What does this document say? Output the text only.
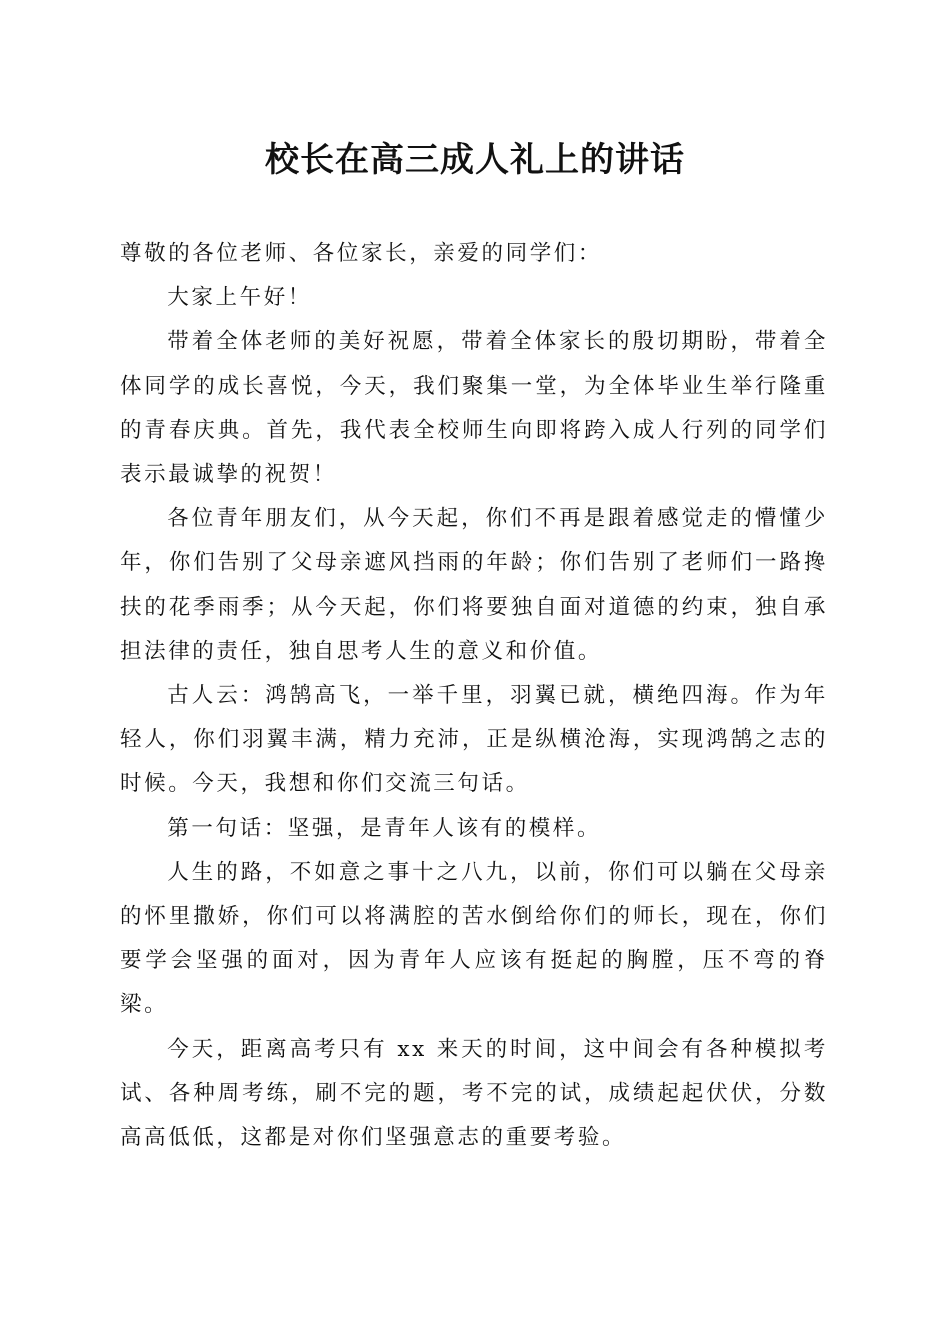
校长在高三成人礼上的讲话

尊敬的各位老师、各位家长，亲爱的同学们：

大家上午好！

带着全体老师的美好祝愿，带着全体家长的殷切期盼，带着全体同学的成长喜悦，今天，我们聚集一堂，为全体毕业生举行隆重的青春庆典。首先，我代表全校师生向即将跨入成人行列的同学们表示最诚挚的祝贺！

各位青年朋友们，从今天起，你们不再是跟着感觉走的懵懂少年，你们告别了父母亲遮风挡雨的年龄；你们告别了老师们一路搀扶的花季雨季；从今天起，你们将要独自面对道德的约束，独自承担法律的责任，独自思考人生的意义和价值。

古人云：鸿鹄高飞，一举千里，羽翼已就，横绝四海。作为年轻人，你们羽翼丰满，精力充沛，正是纵横沧海，实现鸿鹄之志的时候。今天，我想和你们交流三句话。

第一句话：坚强，是青年人该有的模样。

人生的路，不如意之事十之八九，以前，你们可以躺在父母亲的怀里撒娇，你们可以将满腔的苦水倒给你们的师长，现在，你们要学会坚强的面对，因为青年人应该有挺起的胸膛，压不弯的脊梁。

今天，距离高考只有 xx 来天的时间，这中间会有各种模拟考试、各种周考练，刷不完的题，考不完的试，成绩起起伏伏，分数高高低低，这都是对你们坚强意志的重要考验。
